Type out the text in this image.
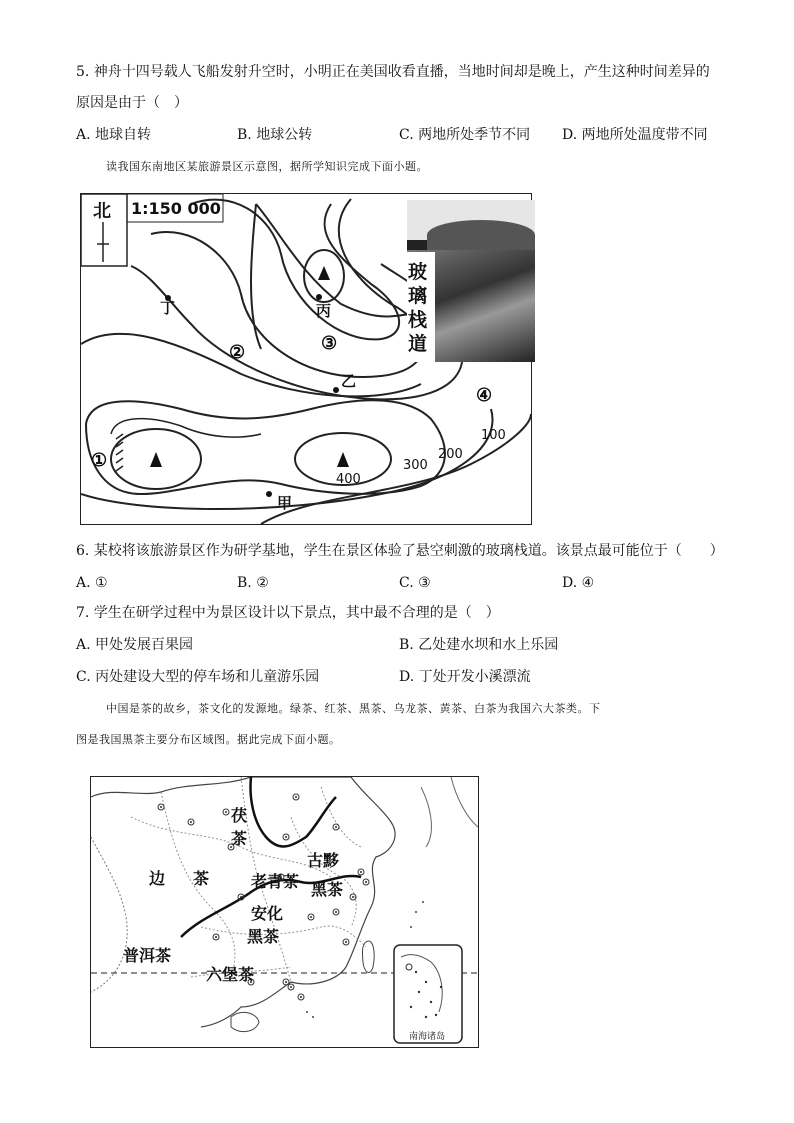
5. 神舟十四号载人飞船发射升空时，小明正在美国收看直播，当地时间却是晚上，产生这种时间差异的
原因是由于（　）
A. 地球自转	B. 地球公转	C. 两地所处季节不同 D. 两地所处温度带不同
读我国东南地区某旅游景区示意图，据所学知识完成下面小题。
北 1:150 000
玻
璃
栈
道
丁	丙
乙
甲
①
②	③
④
100
200
300
400
6. 某校将该旅游景区作为研学基地，学生在景区体验了悬空刺激的玻璃栈道。该景点最可能位于（　　）
A. ①	B. ②	C. ③	D. ④
7. 学生在研学过程中为景区设计以下景点，其中最不合理的是（　）
A. 甲处发展百果园	B. 乙处建水坝和水上乐园
C. 丙处建设大型的停车场和儿童游乐园	D. 丁处开发小溪漂流
中国是茶的故乡，茶文化的发源地。绿茶、红茶、黑茶、乌龙茶、黄茶、白茶为我国六大茶类。下
图是我国黑茶主要分布区域图。据此完成下面小题。
茯
茶
边 茶	老青茶
古黟
黑茶
安化
黑茶
普洱茶
六堡茶
南海诸岛
